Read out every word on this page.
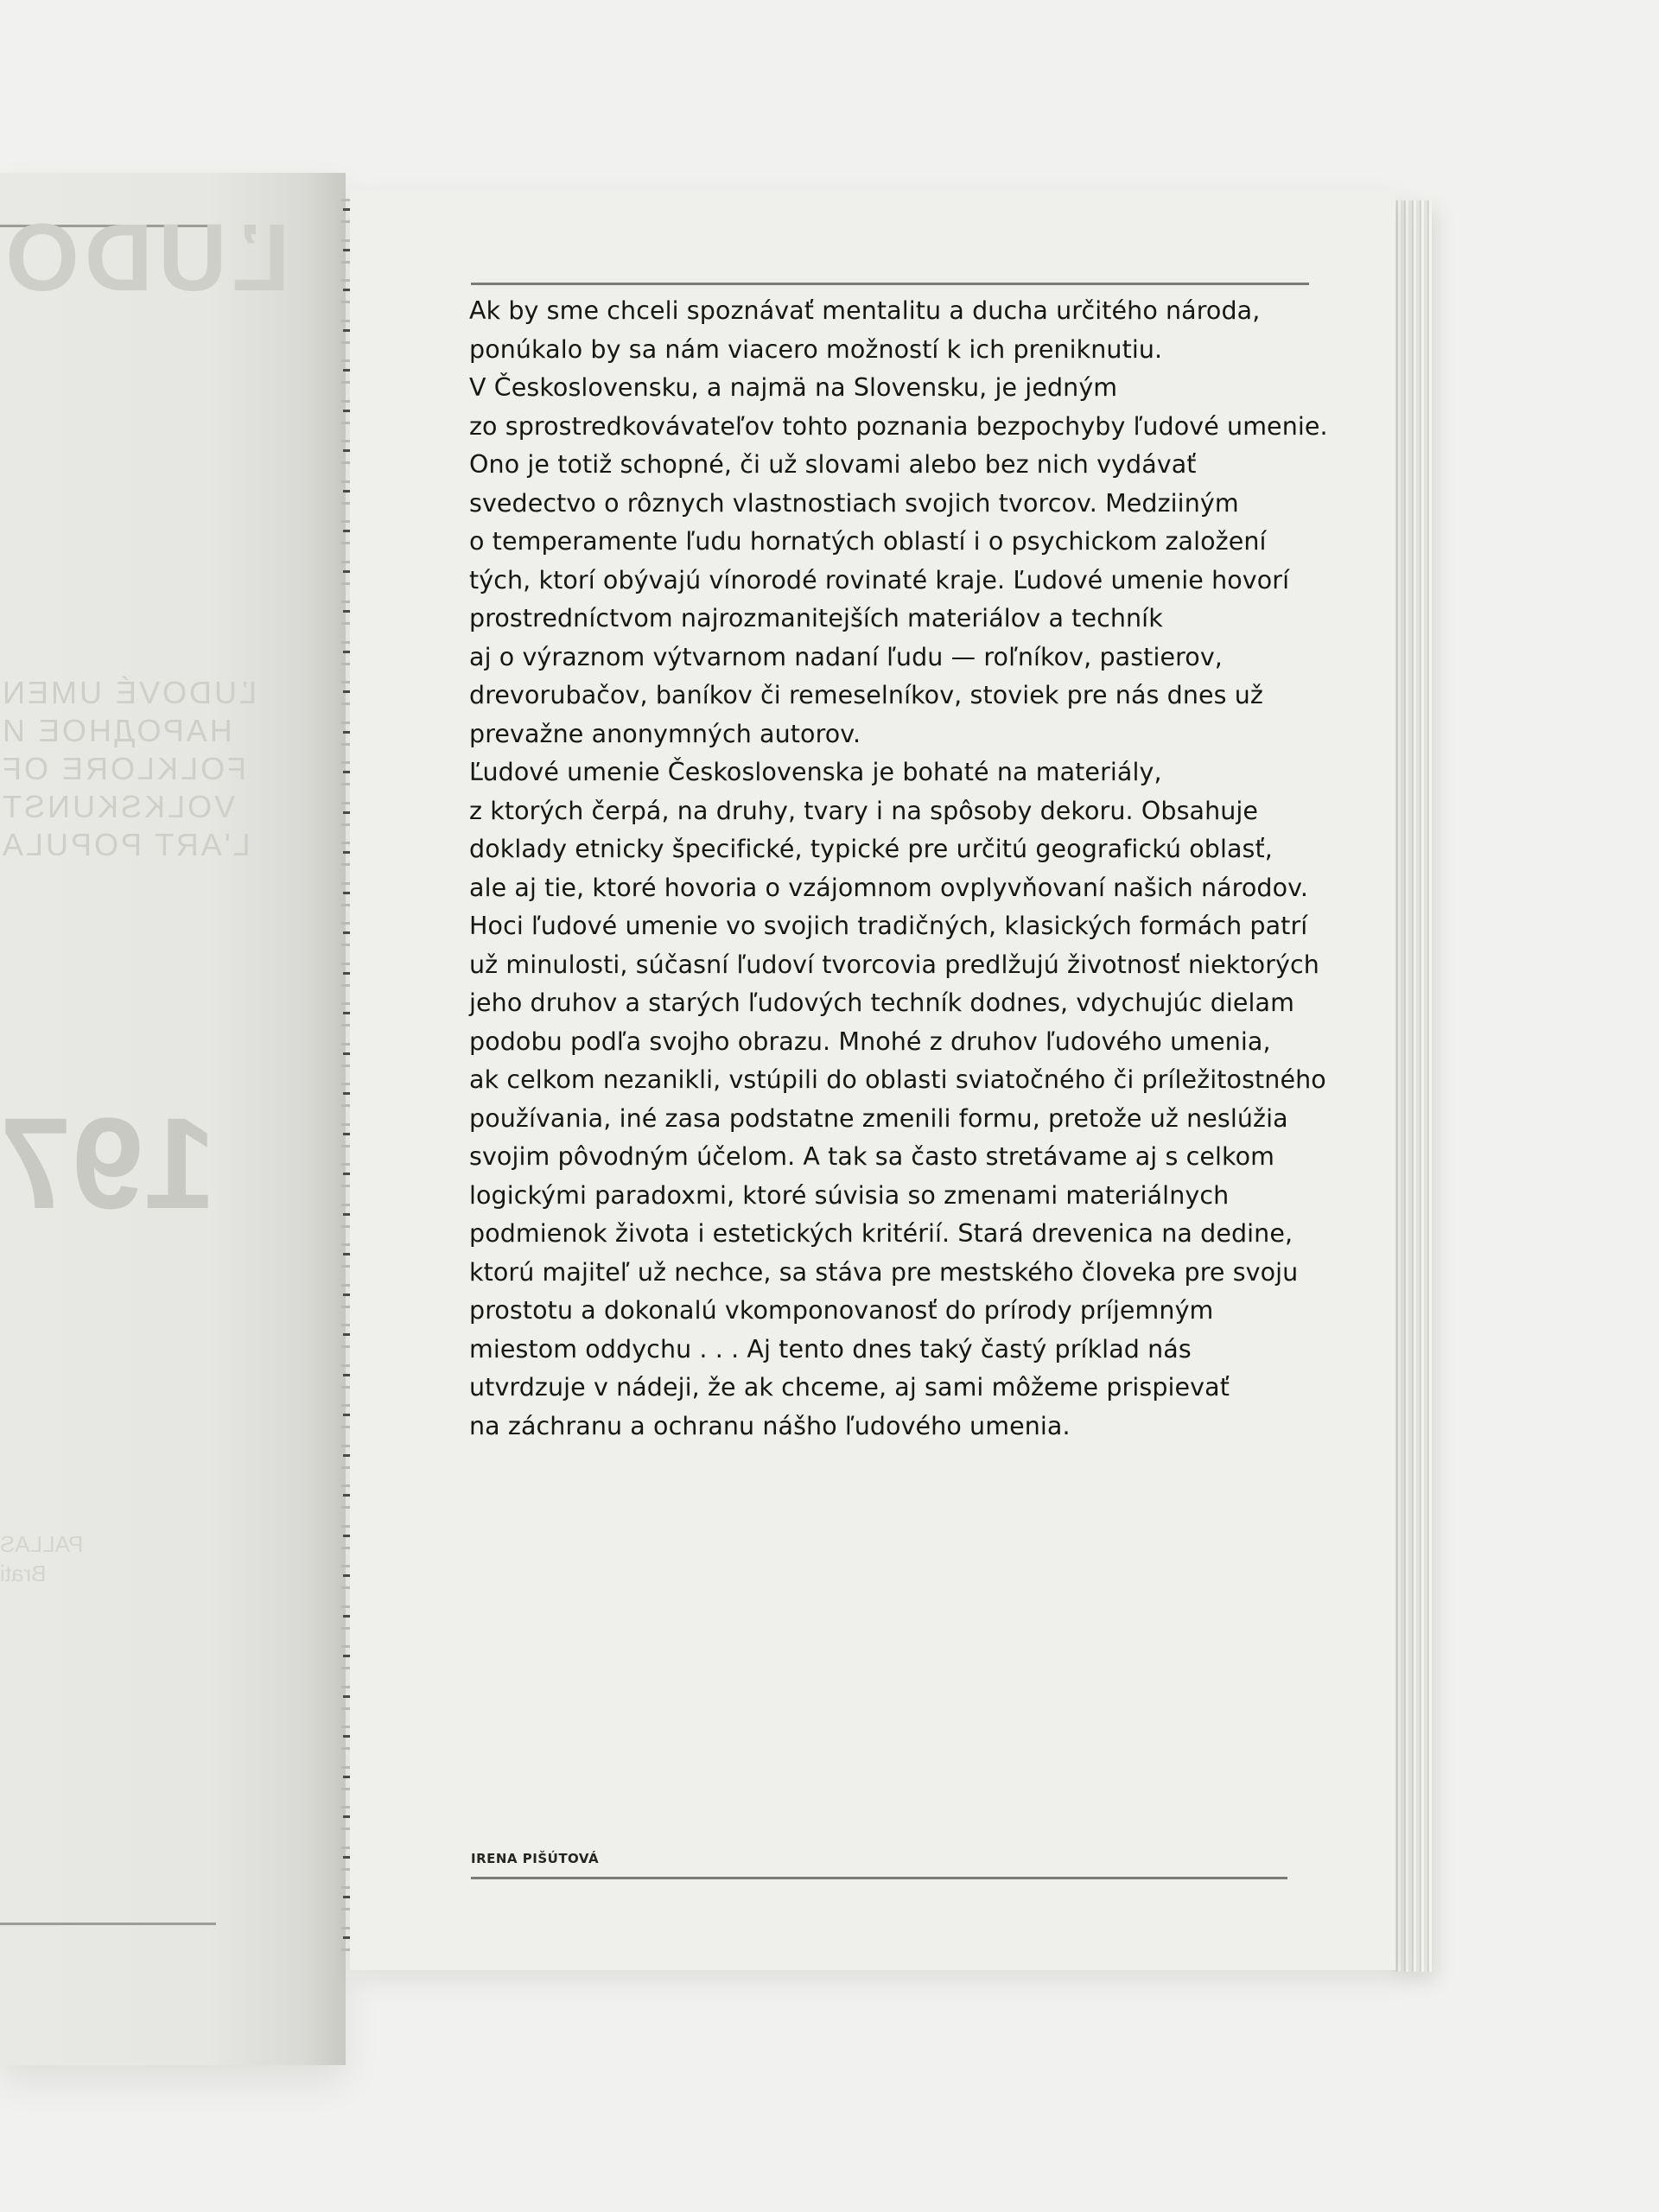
ĽUDO
ĽUDOVÉ UMEN
НАРОДНОЕ И
FOLKLORE OF
VOLKSKUNST
L'ART POPULA
197
PALLAS
Brati
Ak by sme chceli spoznávať mentalitu a ducha určitého národa,
ponúkalo by sa nám viacero možností k ich preniknutiu.
V Československu, a najmä na Slovensku, je jedným
zo sprostredkovávateľov tohto poznania bezpochyby ľudové umenie.
Ono je totiž schopné, či už slovami alebo bez nich vydávať
svedectvo o rôznych vlastnostiach svojich tvorcov. Medziiným
o temperamente ľudu hornatých oblastí i o psychickom založení
tých, ktorí obývajú vínorodé rovinaté kraje. Ľudové umenie hovorí
prostredníctvom najrozmanitejších materiálov a techník
aj o výraznom výtvarnom nadaní ľudu — roľníkov, pastierov,
drevorubačov, baníkov či remeselníkov, stoviek pre nás dnes už
prevažne anonymných autorov.
Ľudové umenie Československa je bohaté na materiály,
z ktorých čerpá, na druhy, tvary i na spôsoby dekoru. Obsahuje
doklady etnicky špecifické, typické pre určitú geografickú oblasť,
ale aj tie, ktoré hovoria o vzájomnom ovplyvňovaní našich národov.
Hoci ľudové umenie vo svojich tradičných, klasických formách patrí
už minulosti, súčasní ľudoví tvorcovia predlžujú životnosť niektorých
jeho druhov a starých ľudových techník dodnes, vdychujúc dielam
podobu podľa svojho obrazu. Mnohé z druhov ľudového umenia,
ak celkom nezanikli, vstúpili do oblasti sviatočného či príležitostného
používania, iné zasa podstatne zmenili formu, pretože už neslúžia
svojim pôvodným účelom. A tak sa často stretávame aj s celkom
logickými paradoxmi, ktoré súvisia so zmenami materiálnych
podmienok života i estetických kritérií. Stará drevenica na dedine,
ktorú majiteľ už nechce, sa stáva pre mestského človeka pre svoju
prostotu a dokonalú vkomponovanosť do prírody príjemným
miestom oddychu . . . Aj tento dnes taký častý príklad nás
utvrdzuje v nádeji, že ak chceme, aj sami môžeme prispievať
na záchranu a ochranu nášho ľudového umenia.
IRENA PIŠÚTOVÁ
